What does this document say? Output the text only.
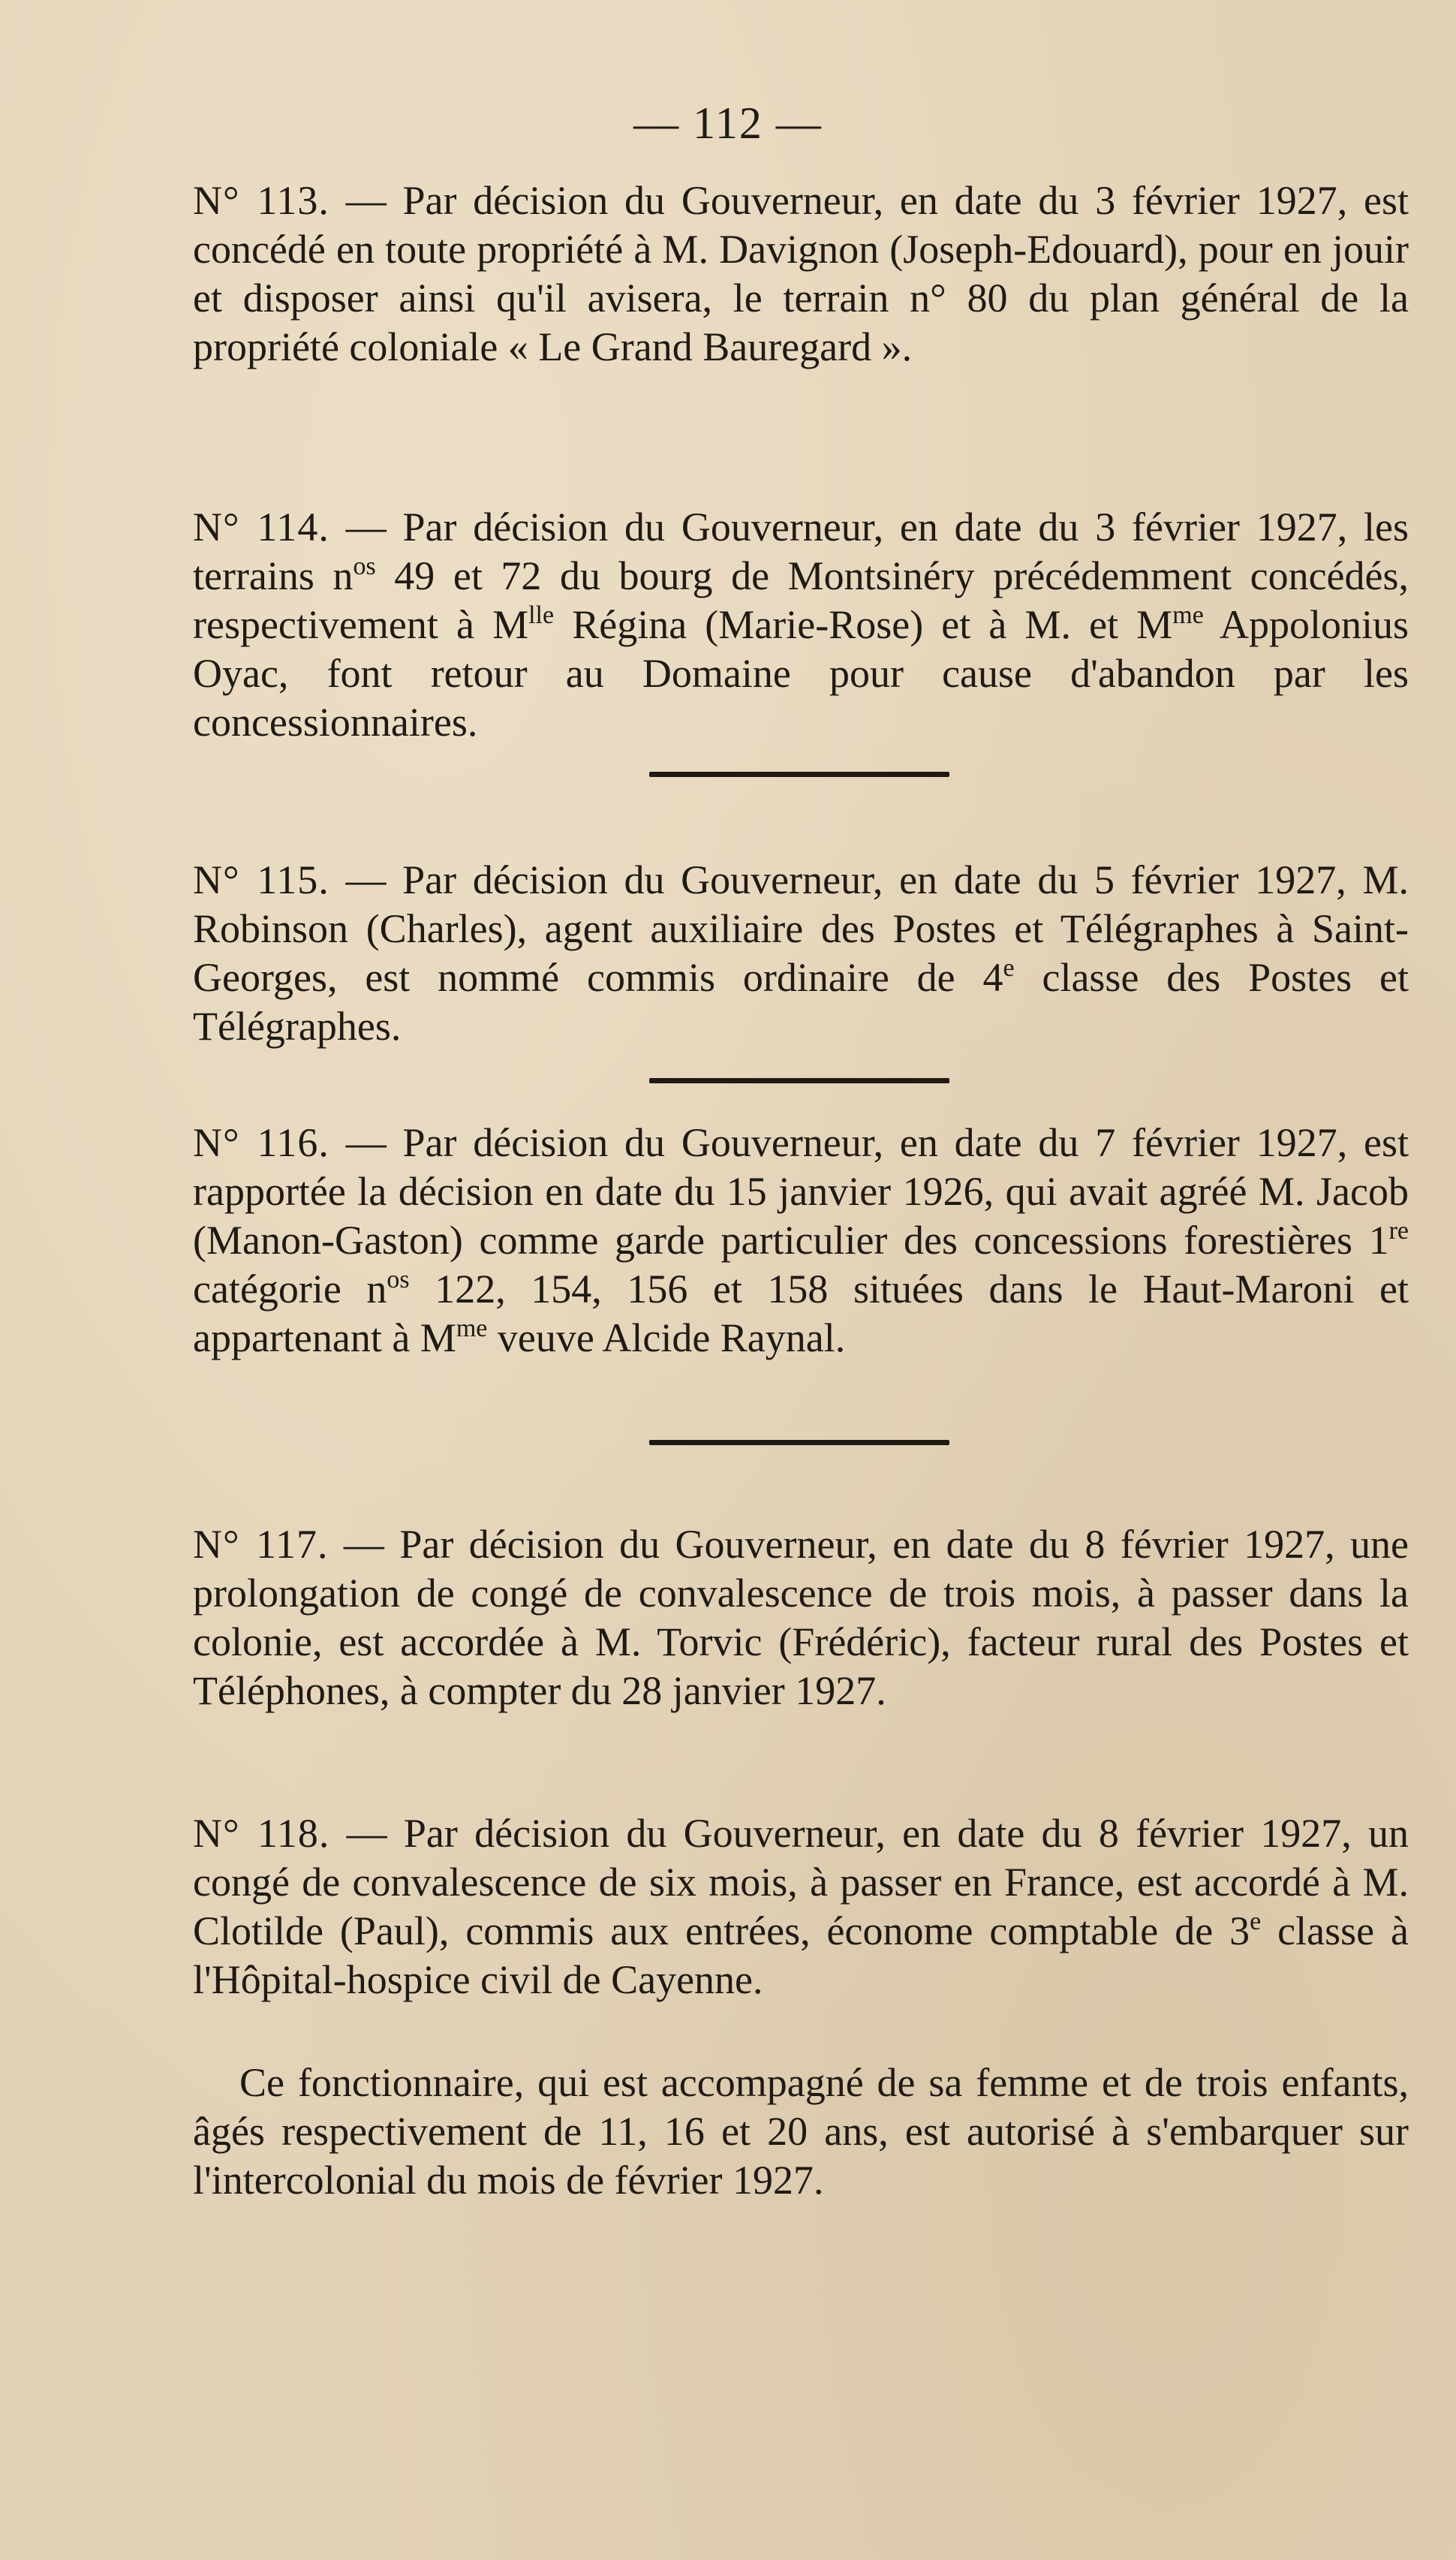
— 112 —

N° 113. — Par décision du Gouverneur, en date du 3 février 1927, est concédé en toute propriété à M. Davignon (Joseph-Edouard), pour en jouir et disposer ainsi qu'il avisera, le terrain n° 80 du plan général de la propriété coloniale « Le Grand Bauregard ».

N° 114. — Par décision du Gouverneur, en date du 3 février 1927, les terrains $n^{os}$ 49 et 72 du bourg de Montsinéry précédemment concédés, respectivement à $M^{lle}$ Régina (Marie-Rose) et à M. et $M^{me}$ Appolonius Oyac, font retour au Domaine pour cause d'abandon par les concessionnaires.

N° 115. — Par décision du Gouverneur, en date du 5 février 1927, M. Robinson (Charles), agent auxiliaire des Postes et Télégraphes à Saint-Georges, est nommé commis ordinaire de 4e classe des Postes et Télégraphes.

N° 116. — Par décision du Gouverneur, en date du 7 février 1927, est rapportée la décision en date du 15 janvier 1926, qui avait agréé M. Jacob (Manon-Gaston) comme garde particulier des concessions forestières 1re catégorie $n^{os}$ 122, 154, 156 et 158 situées dans le Haut-Maroni et appartenant à $M^{me}$ veuve Alcide Raynal.

N° 117. — Par décision du Gouverneur, en date du 8 février 1927, une prolongation de congé de convalescence de trois mois, à passer dans la colonie, est accordée à M. Torvic (Frédéric), facteur rural des Postes et Téléphones, à compter du 28 janvier 1927.

N° 118. — Par décision du Gouverneur, en date du 8 février 1927, un congé de convalescence de six mois, à passer en France, est accordé à M. Clotilde (Paul), commis aux entrées, économe comptable de 3e classe à l'Hôpital-hospice civil de Cayenne.

Ce fonctionnaire, qui est accompagné de sa femme et de trois enfants, âgés respectivement de 11, 16 et 20 ans, est autorisé à s'embarquer sur l'intercolonial du mois de février 1927.
